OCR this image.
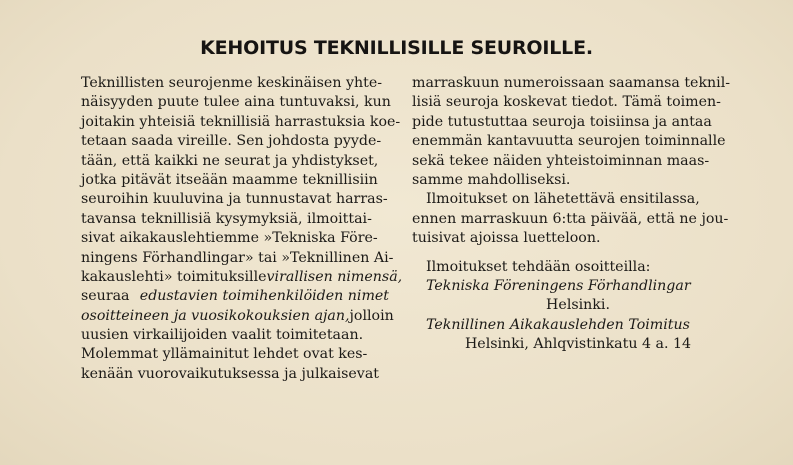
KEHOITUS TEKNILLISILLE SEUROILLE.
Teknillisten seurojenme keskinäisen yhte-
näisyyden puute tulee aina tuntuvaksi, kun
joitakin yhteisiä teknillisiä harrastuksia koe-
tetaan saada vireille. Sen johdosta pyyde-
tään, että kaikki ne seurat ja yhdistykset,
jotka pitävät itseään maamme teknillisiin
seuroihin kuuluvina ja tunnustavat harras-
tavansa teknillisiä kysymyksiä, ilmoittai-
sivat aikakauslehtiemme »Tekniska Före-
ningens Förhandlingar» tai »Teknillinen Ai-
kakauslehti» toimituksille virallisen nimensä,
seuraa edustavien toimihenkilöiden nimet
osoitteineen ja vuosikokouksien ajan, jolloin
uusien virkailijoiden vaalit toimitetaan.
Molemmat yllämainitut lehdet ovat kes-
kenään vuorovaikutuksessa ja julkaisevat
marraskuun numeroissaan saamansa teknil-
lisiä seuroja koskevat tiedot. Tämä toimen-
pide tutustuttaa seuroja toisiinsa ja antaa
enemmän kantavuutta seurojen toiminnalle
sekä tekee näiden yhteistoiminnan maas-
samme mahdolliseksi.
Ilmoitukset on lähetettävä ensitilassa,
ennen marraskuun 6:tta päivää, että ne jou-
tuisivat ajoissa luetteloon.
Ilmoitukset tehdään osoitteilla:
Tekniska Föreningens Förhandlingar
Helsinki.
Teknillinen Aikakauslehden Toimitus
Helsinki, Ahlqvistinkatu 4 a. 14
